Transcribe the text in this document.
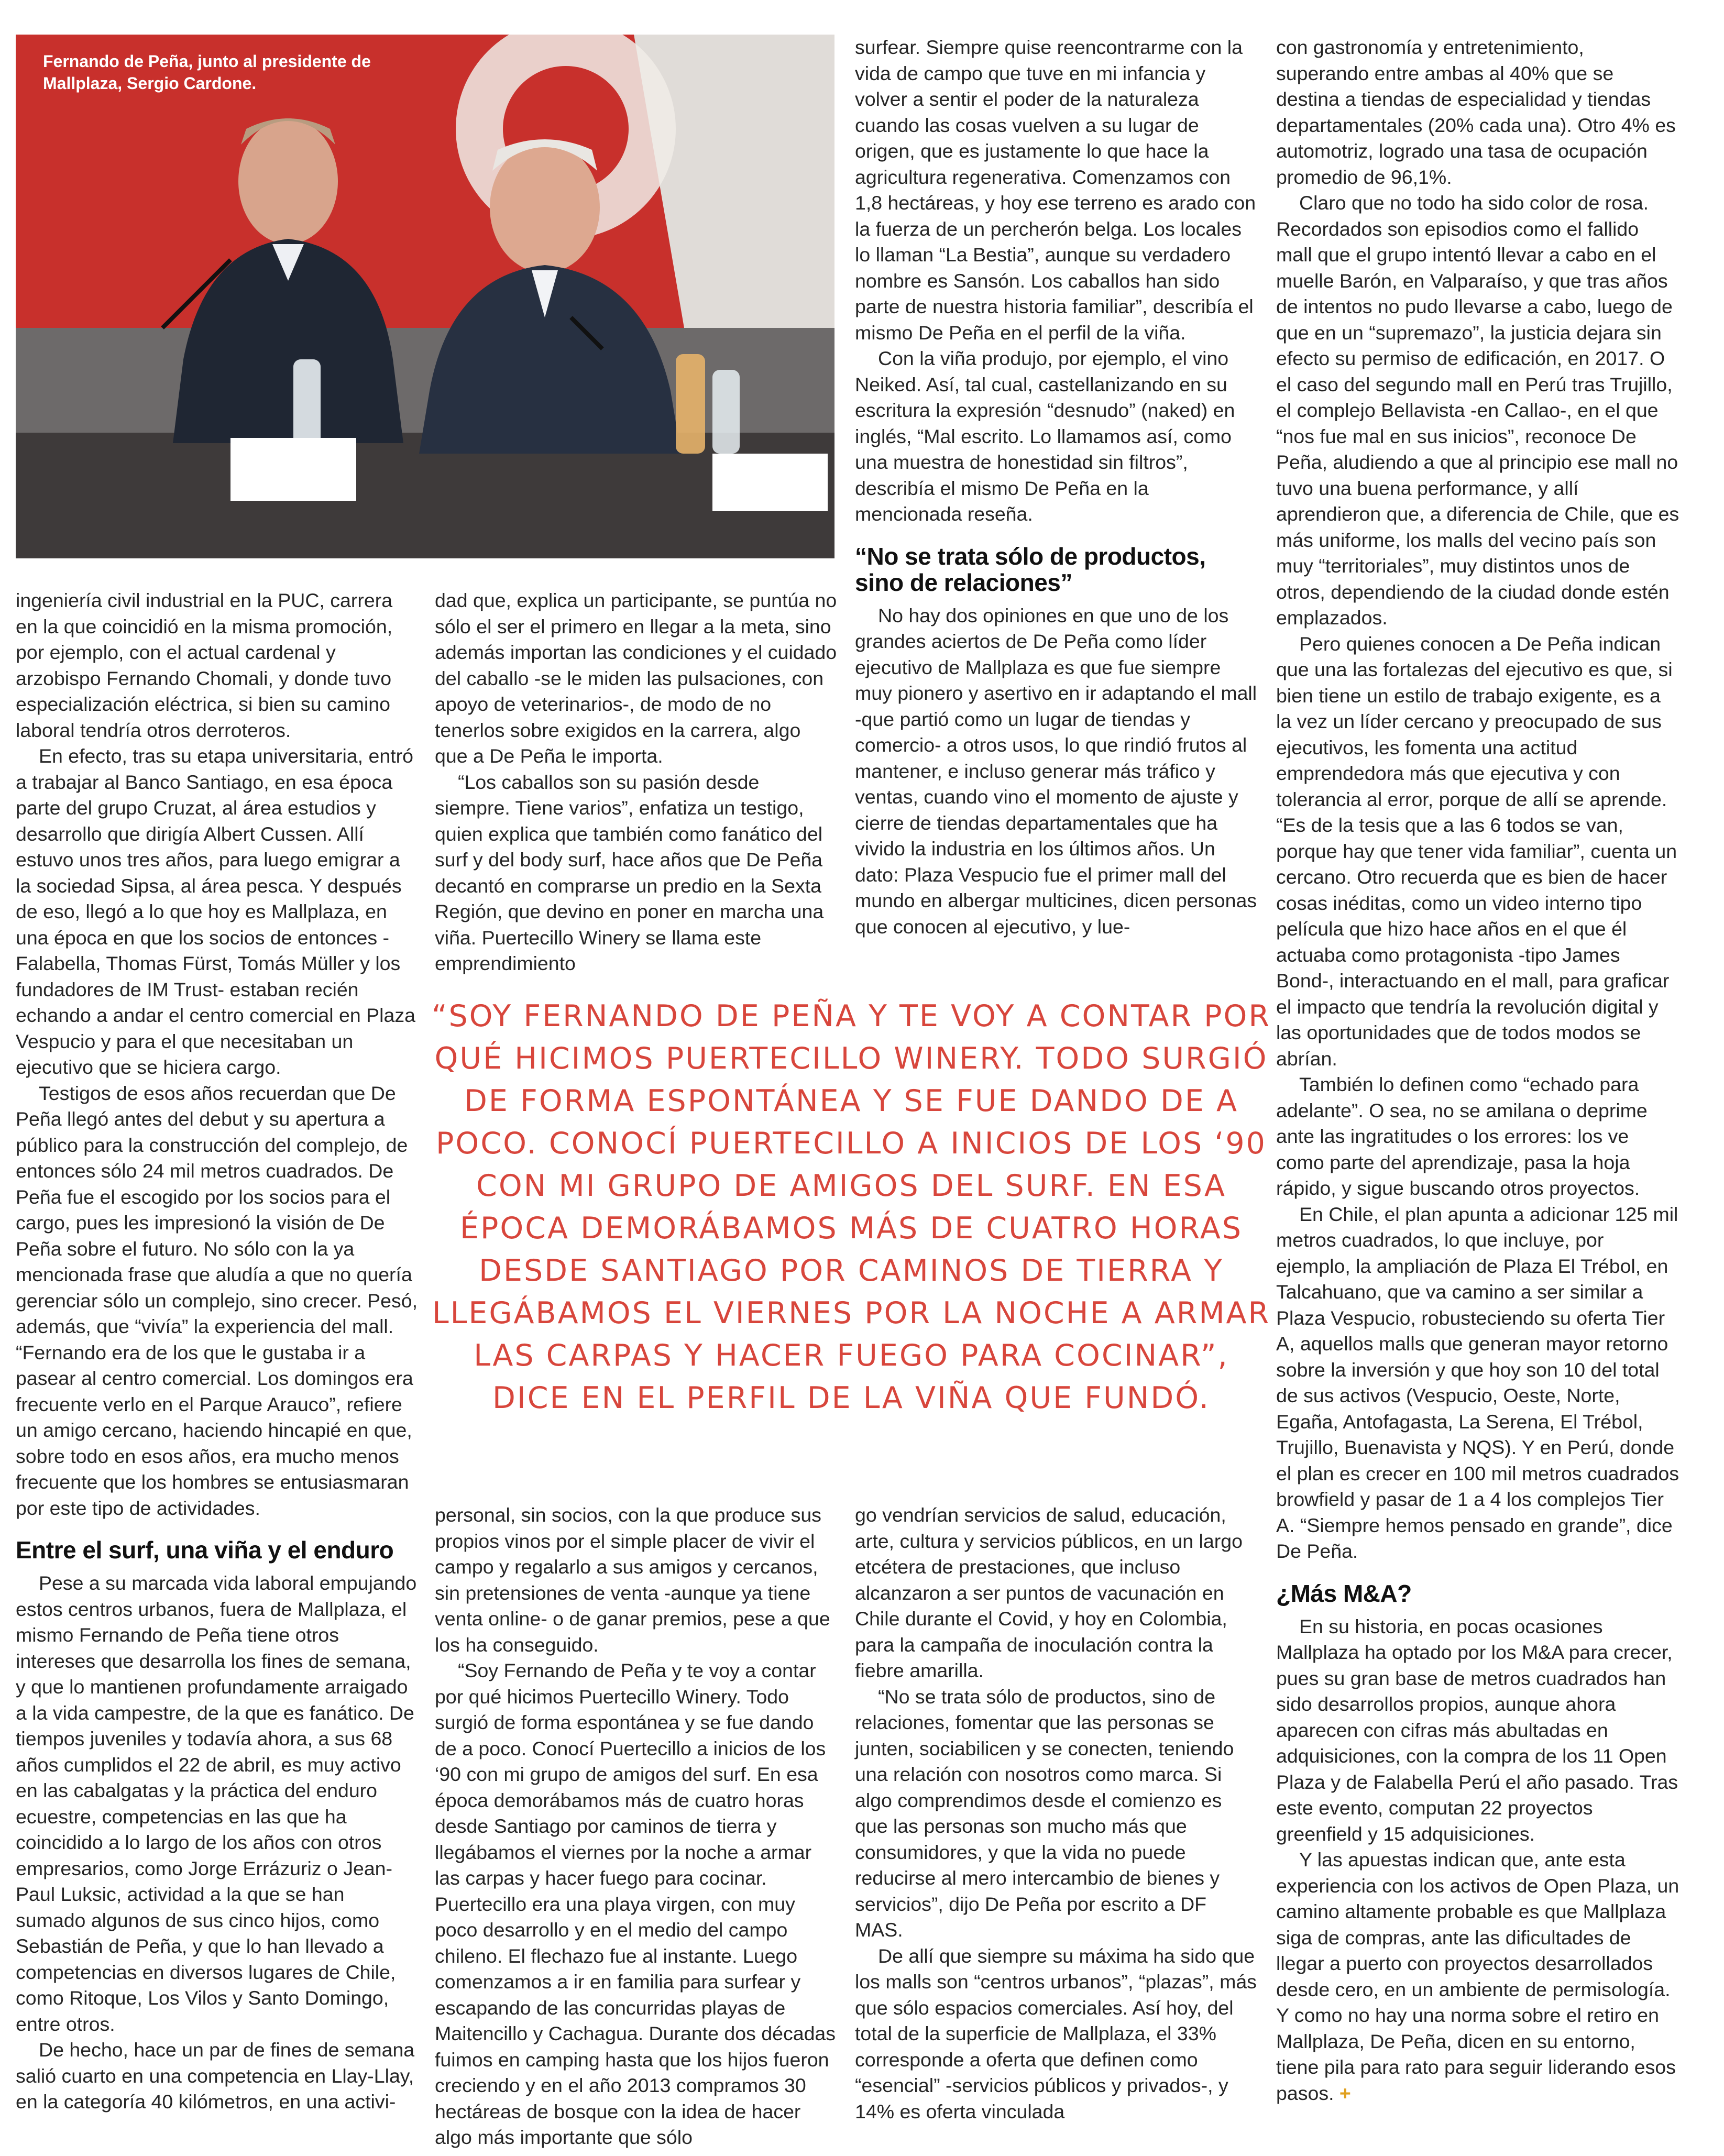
Fernando de Peña, junto al presidente de Mallplaza, Sergio Cardone.

ingeniería civil industrial en la PUC, carrera en la que coincidió en la misma promoción, por ejemplo, con el actual cardenal y arzobispo Fernando Chomali, y donde tuvo especialización eléctrica, si bien su camino laboral tendría otros derroteros.

En efecto, tras su etapa universitaria, entró a trabajar al Banco Santiago, en esa época parte del grupo Cruzat, al área estudios y desarrollo que dirigía Albert Cussen. Allí estuvo unos tres años, para luego emigrar a la sociedad Sipsa, al área pesca. Y después de eso, llegó a lo que hoy es Mallplaza, en una época en que los socios de entonces -Falabella, Thomas Fürst, Tomás Müller y los fundadores de IM Trust- estaban recién echando a andar el centro comercial en Plaza Vespucio y para el que necesitaban un ejecutivo que se hiciera cargo.

Testigos de esos años recuerdan que De Peña llegó antes del debut y su apertura a público para la construcción del complejo, de entonces sólo 24 mil metros cuadrados. De Peña fue el escogido por los socios para el cargo, pues les impresionó la visión de De Peña sobre el futuro. No sólo con la ya mencionada frase que aludía a que no quería gerenciar sólo un complejo, sino crecer. Pesó, además, que “vivía” la experiencia del mall. “Fernando era de los que le gustaba ir a pasear al centro comercial. Los domingos era frecuente verlo en el Parque Arauco”, refiere un amigo cercano, haciendo hincapié en que, sobre todo en esos años, era mucho menos frecuente que los hombres se entusiasmaran por este tipo de actividades.

Entre el surf, una viña y el enduro

Pese a su marcada vida laboral empujando estos centros urbanos, fuera de Mallplaza, el mismo Fernando de Peña tiene otros intereses que desarrolla los fines de semana, y que lo mantienen profundamente arraigado a la vida campestre, de la que es fanático. De tiempos juveniles y todavía ahora, a sus 68 años cumplidos el 22 de abril, es muy activo en las cabalgatas y la práctica del enduro ecuestre, competencias en las que ha coincidido a lo largo de los años con otros empresarios, como Jorge Errázuriz o Jean-Paul Luksic, actividad a la que se han sumado algunos de sus cinco hijos, como Sebastián de Peña, y que lo han llevado a competencias en diversos lugares de Chile, como Ritoque, Los Vilos y Santo Domingo, entre otros.

De hecho, hace un par de fines de semana salió cuarto en una competencia en Llay-Llay, en la categoría 40 kilómetros, en una activi-

dad que, explica un participante, se puntúa no sólo el ser el primero en llegar a la meta, sino además importan las condiciones y el cuidado del caballo -se le miden las pulsaciones, con apoyo de veterinarios-, de modo de no tenerlos sobre exigidos en la carrera, algo que a De Peña le importa.

“Los caballos son su pasión desde siempre. Tiene varios”, enfatiza un testigo, quien explica que también como fanático del surf y del body surf, hace años que De Peña decantó en comprarse un predio en la Sexta Región, que devino en poner en marcha una viña. Puertecillo Winery se llama este emprendimiento

surfear. Siempre quise reencontrarme con la vida de campo que tuve en mi infancia y volver a sentir el poder de la naturaleza cuando las cosas vuelven a su lugar de origen, que es justamente lo que hace la agricultura regenerativa. Comenzamos con 1,8 hectáreas, y hoy ese terreno es arado con la fuerza de un percherón belga. Los locales lo llaman “La Bestia”, aunque su verdadero nombre es Sansón. Los caballos han sido parte de nuestra historia familiar”, describía el mismo De Peña en el perfil de la viña.

Con la viña produjo, por ejemplo, el vino Neiked. Así, tal cual, castellanizando en su escritura la expresión “desnudo” (naked) en inglés, “Mal escrito. Lo llamamos así, como una muestra de honestidad sin filtros”, describía el mismo De Peña en la mencionada reseña.

“No se trata sólo de productos, sino de relaciones”

No hay dos opiniones en que uno de los grandes aciertos de De Peña como líder ejecutivo de Mallplaza es que fue siempre muy pionero y asertivo en ir adaptando el mall -que partió como un lugar de tiendas y comercio- a otros usos, lo que rindió frutos al mantener, e incluso generar más tráfico y ventas, cuando vino el momento de ajuste y cierre de tiendas departamentales que ha vivido la industria en los últimos años. Un dato: Plaza Vespucio fue el primer mall del mundo en albergar multicines, dicen personas que conocen al ejecutivo, y lue-

“SOY FERNANDO DE PEÑA Y TE VOY A CONTAR POR QUÉ HICIMOS PUERTECILLO WINERY. TODO SURGIÓ DE FORMA ESPONTÁNEA Y SE FUE DANDO DE A POCO. CONOCÍ PUERTECILLO A INICIOS DE LOS ‘90 CON MI GRUPO DE AMIGOS DEL SURF. EN ESA ÉPOCA DEMORÁBAMOS MÁS DE CUATRO HORAS DESDE SANTIAGO POR CAMINOS DE TIERRA Y LLEGÁBAMOS EL VIERNES POR LA NOCHE A ARMAR LAS CARPAS Y HACER FUEGO PARA COCINAR”, DICE EN EL PERFIL DE LA VIÑA QUE FUNDÓ.

personal, sin socios, con la que produce sus propios vinos por el simple placer de vivir el campo y regalarlo a sus amigos y cercanos, sin pretensiones de venta -aunque ya tiene venta online- o de ganar premios, pese a que los ha conseguido.

“Soy Fernando de Peña y te voy a contar por qué hicimos Puertecillo Winery. Todo surgió de forma espontánea y se fue dando de a poco. Conocí Puertecillo a inicios de los ‘90 con mi grupo de amigos del surf. En esa época demorábamos más de cuatro horas desde Santiago por caminos de tierra y llegábamos el viernes por la noche a armar las carpas y hacer fuego para cocinar. Puertecillo era una playa virgen, con muy poco desarrollo y en el medio del campo chileno. El flechazo fue al instante. Luego comenzamos a ir en familia para surfear y escapando de las concurridas playas de Maitencillo y Cachagua. Durante dos décadas fuimos en camping hasta que los hijos fueron creciendo y en el año 2013 compramos 30 hectáreas de bosque con la idea de hacer algo más importante que sólo

go vendrían servicios de salud, educación, arte, cultura y servicios públicos, en un largo etcétera de prestaciones, que incluso alcanzaron a ser puntos de vacunación en Chile durante el Covid, y hoy en Colombia, para la campaña de inoculación contra la fiebre amarilla.

“No se trata sólo de productos, sino de relaciones, fomentar que las personas se junten, sociabilicen y se conecten, teniendo una relación con nosotros como marca. Si algo comprendimos desde el comienzo es que las personas son mucho más que consumidores, y que la vida no puede reducirse al mero intercambio de bienes y servicios”, dijo De Peña por escrito a DF MAS.

De allí que siempre su máxima ha sido que los malls son “centros urbanos”, “plazas”, más que sólo espacios comerciales. Así hoy, del total de la superficie de Mallplaza, el 33% corresponde a oferta que definen como “esencial” -servicios públicos y privados-, y 14% es oferta vinculada

con gastronomía y entretenimiento, superando entre ambas al 40% que se destina a tiendas de especialidad y tiendas departamentales (20% cada una). Otro 4% es automotriz, logrado una tasa de ocupación promedio de 96,1%.

Claro que no todo ha sido color de rosa. Recordados son episodios como el fallido mall que el grupo intentó llevar a cabo en el muelle Barón, en Valparaíso, y que tras años de intentos no pudo llevarse a cabo, luego de que en un “supremazo”, la justicia dejara sin efecto su permiso de edificación, en 2017. O el caso del segundo mall en Perú tras Trujillo, el complejo Bellavista -en Callao-, en el que “nos fue mal en sus inicios”, reconoce De Peña, aludiendo a que al principio ese mall no tuvo una buena performance, y allí aprendieron que, a diferencia de Chile, que es más uniforme, los malls del vecino país son muy “territoriales”, muy distintos unos de otros, dependiendo de la ciudad donde estén emplazados.

Pero quienes conocen a De Peña indican que una las fortalezas del ejecutivo es que, si bien tiene un estilo de trabajo exigente, es a la vez un líder cercano y preocupado de sus ejecutivos, les fomenta una actitud emprendedora más que ejecutiva y con tolerancia al error, porque de allí se aprende. “Es de la tesis que a las 6 todos se van, porque hay que tener vida familiar”, cuenta un cercano. Otro recuerda que es bien de hacer cosas inéditas, como un video interno tipo película que hizo hace años en el que él actuaba como protagonista -tipo James Bond-, interactuando en el mall, para graficar el impacto que tendría la revolución digital y las oportunidades que de todos modos se abrían.

También lo definen como “echado para adelante”. O sea, no se amilana o deprime ante las ingratitudes o los errores: los ve como parte del aprendizaje, pasa la hoja rápido, y sigue buscando otros proyectos.

En Chile, el plan apunta a adicionar 125 mil metros cuadrados, lo que incluye, por ejemplo, la ampliación de Plaza El Trébol, en Talcahuano, que va camino a ser similar a Plaza Vespucio, robusteciendo su oferta Tier A, aquellos malls que generan mayor retorno sobre la inversión y que hoy son 10 del total de sus activos (Vespucio, Oeste, Norte, Egaña, Antofagasta, La Serena, El Trébol, Trujillo, Buenavista y NQS). Y en Perú, donde el plan es crecer en 100 mil metros cuadrados browfield y pasar de 1 a 4 los complejos Tier A. “Siempre hemos pensado en grande”, dice De Peña.

¿Más M&A?

En su historia, en pocas ocasiones Mallplaza ha optado por los M&A para crecer, pues su gran base de metros cuadrados han sido desarrollos propios, aunque ahora aparecen con cifras más abultadas en adquisiciones, con la compra de los 11 Open Plaza y de Falabella Perú el año pasado. Tras este evento, computan 22 proyectos greenfield y 15 adquisiciones.

Y las apuestas indican que, ante esta experiencia con los activos de Open Plaza, un camino altamente probable es que Mallplaza siga de compras, ante las dificultades de llegar a puerto con proyectos desarrollados desde cero, en un ambiente de permisología. Y como no hay una norma sobre el retiro en Mallplaza, De Peña, dicen en su entorno, tiene pila para rato para seguir liderando esos pasos. +
